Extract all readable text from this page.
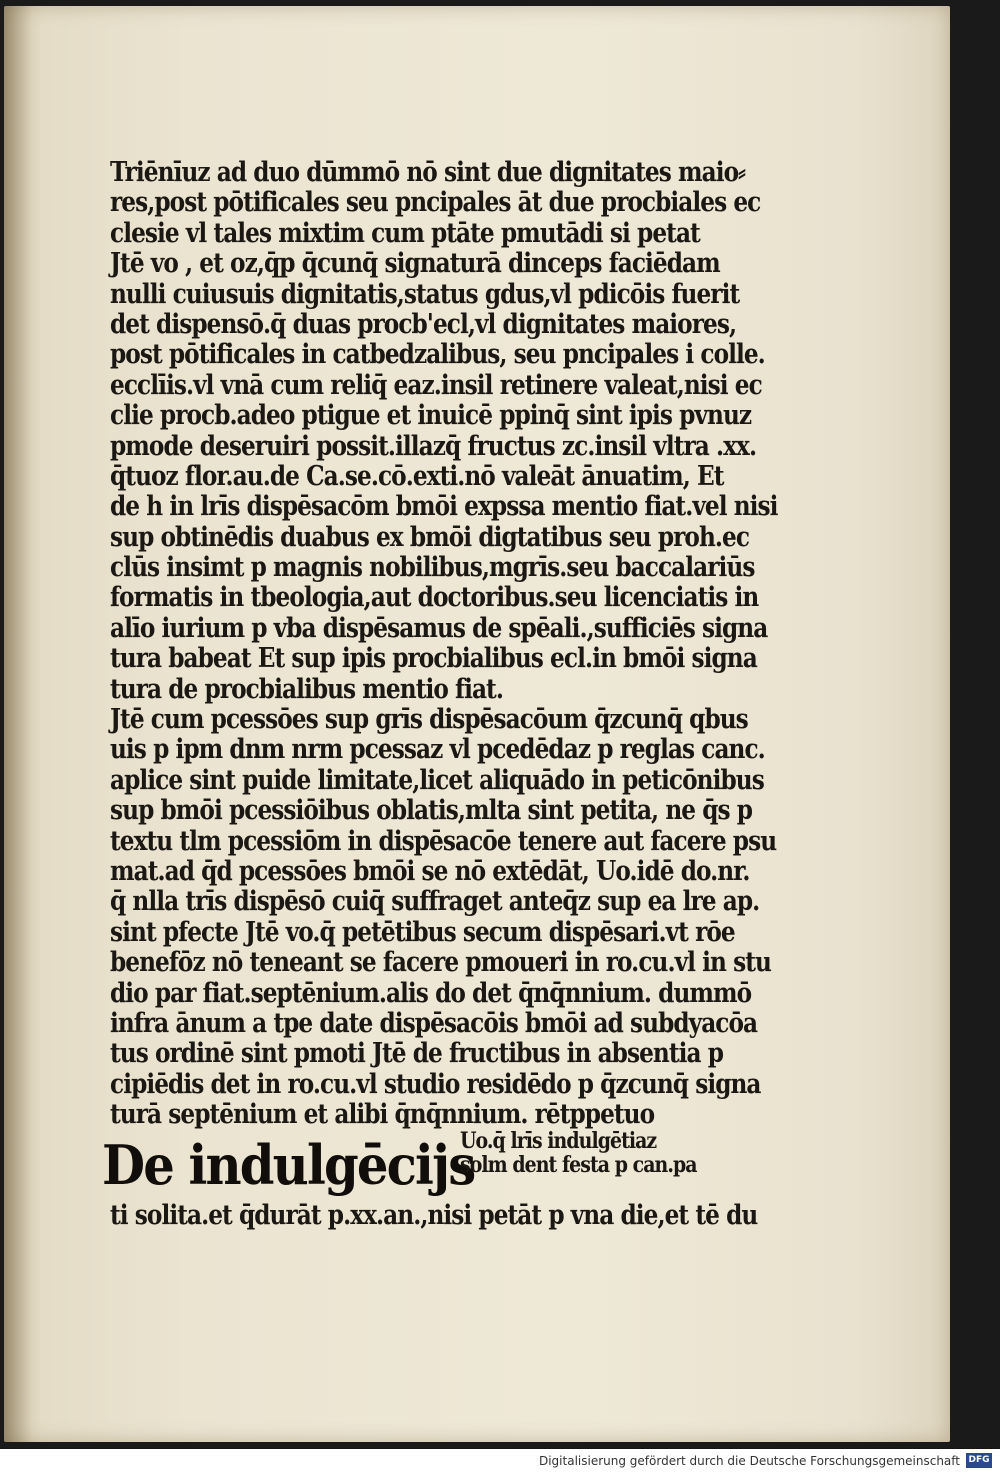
Triēnīuz ad duo dūmmō nō sint due dignitates maio⸗
res,post pōtificales seu pncipales āt due procbiales ec
clesie vl tales mixtim cum ptāte pmutādi si petat
Jtē vo , et oz,q̄p q̄cunq̄ signaturā dinceps faciēdam
nulli cuiusuis dignitatis,status gdus,vl pdicōis fuerit
det dispensō.q̄ duas procb'ecl,vl dignitates maiores,
post pōtificales in catbedzalibus, seu pncipales i colle.
ecclīis.vl vnā cum reliq̄ eaz.insil retinere valeat,nisi ec
clie procb.adeo ptigue et inuicē ppinq̄ sint ipis pvnuz
pmode deseruiri possit.illazq̄ fructus zc.insil vltra .xx.
q̄tuoz flor.au.de Ca.se.cō.exti.nō valeāt ānuatim, Et
de h in lrīs dispēsacōm bmōi expssa mentio fiat.vel nisi
sup obtinēdis duabus ex bmōi digtatibus seu proh.ec
clūs insimt p magnis nobilibus,mgrīs.seu baccalariūs
formatis in tbeologia,aut doctoribus.seu licenciatis in
alīo iurium p vba dispēsamus de spēali.,sufficiēs signa
tura babeat Et sup ipis procbialibus ecl.in bmōi signa
tura de procbialibus mentio fiat.
Jtē cum pcessōes sup grīs dispēsacōum q̄zcunq̄ qbus
uis p ipm dnm nrm pcessaz vl pcedēdaz p reglas canc.
aplice sint puide limitate,licet aliquādo in peticōnibus
sup bmōi pcessiōibus oblatis,mlta sint petita, ne q̄s p
textu tlm pcessiōm in dispēsacōe tenere aut facere psu
mat.ad q̄d pcessōes bmōi se nō extēdāt, Uo.idē do.nr.
q̄ nlla trīs dispēsō cuiq̄ suffraget anteq̄z sup ea lre ap.
sint pfecte Jtē vo.q̄ petētibus secum dispēsari.vt rōe
benefōz nō teneant se facere pmoueri in ro.cu.vl in stu
dio par fiat.septēnium.alis do det q̄nq̄nnium. dummō
infra ānum a tpe date dispēsacōis bmōi ad subdyacōa
tus ordinē sint pmoti Jtē de fructibus in absentia p
cipiēdis det in ro.cu.vl studio residēdo p q̄zcunq̄ signa
turā septēnium et alibi q̄nq̄nnium. rētppetuo
De indulgēcijs
Uo.q̄ lrīs indulgētiaz
solm dent festa p can.pa
ti solita.et q̄durāt p.xx.an.,nisi petāt p vna die,et tē du
Digitalisierung gefördert durch die Deutsche Forschungsgemeinschaft DFG
